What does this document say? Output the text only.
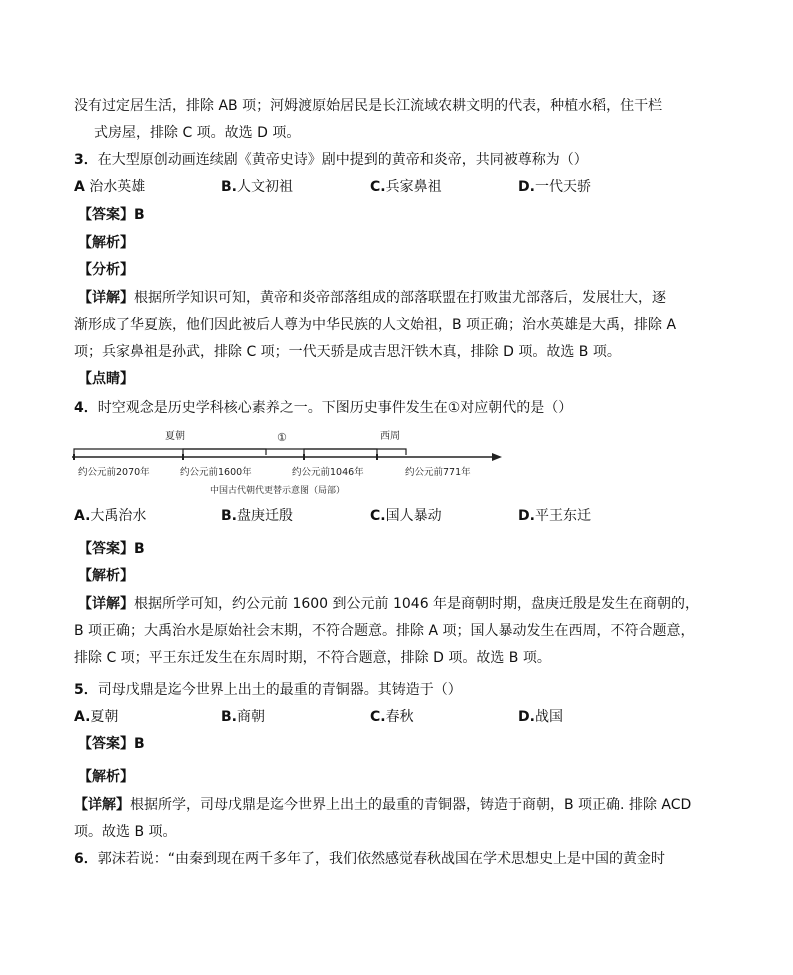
没有过定居生活，排除 AB 项；河姆渡原始居民是长江流域农耕文明的代表，种植水稻，住干栏
式房屋，排除 C 项。故选 D 项。
3．在大型原创动画连续剧《黄帝史诗》剧中提到的黄帝和炎帝，共同被尊称为（）
A 治水英雄	B.人文初祖	C.兵家鼻祖	D.一代天骄
【答案】B
【解析】
【分析】
【详解】根据所学知识可知，黄帝和炎帝部落组成的部落联盟在打败蚩尤部落后，发展壮大，逐
渐形成了华夏族，他们因此被后人尊为中华民族的人文始祖，B 项正确；治水英雄是大禹，排除 A
项；兵家鼻祖是孙武，排除 C 项；一代天骄是成吉思汗铁木真，排除 D 项。故选 B 项。
【点睛】
4．时空观念是历史学科核心素养之一。下图历史事件发生在①对应朝代的是（）
夏朝	①	西周
约公元前2070年	约公元前1600年	约公元前1046年	约公元前771年
中国古代朝代更替示意图（局部）
A.大禹治水	B.盘庚迁殷	C.国人暴动	D.平王东迁
【答案】B
【解析】
【详解】根据所学可知，约公元前 1600 到公元前 1046 年是商朝时期，盘庚迁殷是发生在商朝的，
B 项正确；大禹治水是原始社会末期，不符合题意。排除 A 项；国人暴动发生在西周，不符合题意，
排除 C 项；平王东迁发生在东周时期，不符合题意，排除 D 项。故选 B 项。
5．司母戊鼎是迄今世界上出土的最重的青铜器。其铸造于（）
A.夏朝	B.商朝	C.春秋	D.战国
【答案】B
【解析】
【详解】根据所学，司母戊鼎是迄今世界上出土的最重的青铜器，铸造于商朝，B 项正确. 排除 ACD
项。故选 B 项。
6．郭沫若说：“由秦到现在两千多年了，我们依然感觉春秋战国在学术思想史上是中国的黄金时
